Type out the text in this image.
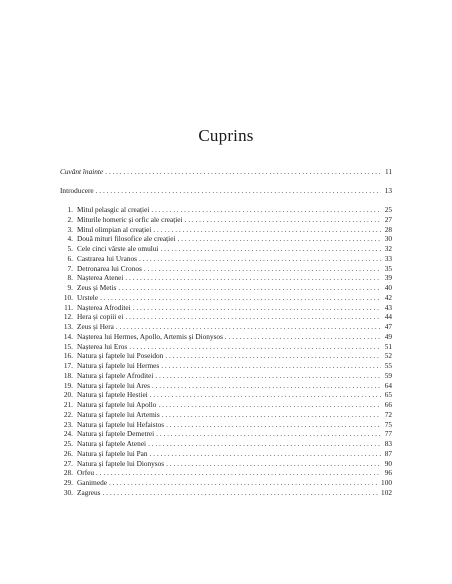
Cuprins
Cuvânt înainte . . .	11
Introducere . . .	13
1. Mitul pelasgic al creației . . .	25
2. Miturile homeric și orfic ale creației . . .	27
3. Mitul olimpian al creației . . .	28
4. Două mituri filosofice ale creației . . .	30
5. Cele cinci vârste ale omului . . .	32
6. Castrarea lui Uranos . . .	33
7. Detronarea lui Cronos . . .	35
8. Nașterea Atenei . . .	39
9. Zeus și Metis . . .	40
10. Urstele . . .	42
11. Nașterea Afroditei . . .	43
12. Hera și copiii ei . . .	44
13. Zeus și Hera . . .	47
14. Nașterea lui Hermes, Apollo, Artemis și Dionysos . . .	49
15. Nașterea lui Eros . . .	51
16. Natura și faptele lui Poseidon . . .	52
17. Natura și faptele lui Hermes . . .	55
18. Natura și faptele Afroditei . . .	59
19. Natura și faptele lui Ares . . .	64
20. Natura și faptele Hestiei . . .	65
21. Natura și faptele lui Apollo . . .	66
22. Natura și faptele lui Artemis . . .	72
23. Natura și faptele lui Hefaistos . . .	75
24. Natura și faptele Demetrei . . .	77
25. Natura și faptele Atenei . . .	83
26. Natura și faptele lui Pan . . .	87
27. Natura și faptele lui Dionysos . . .	90
28. Orfeu . . .	96
29. Ganimede . . .	100
30. Zagreus . . .	102
